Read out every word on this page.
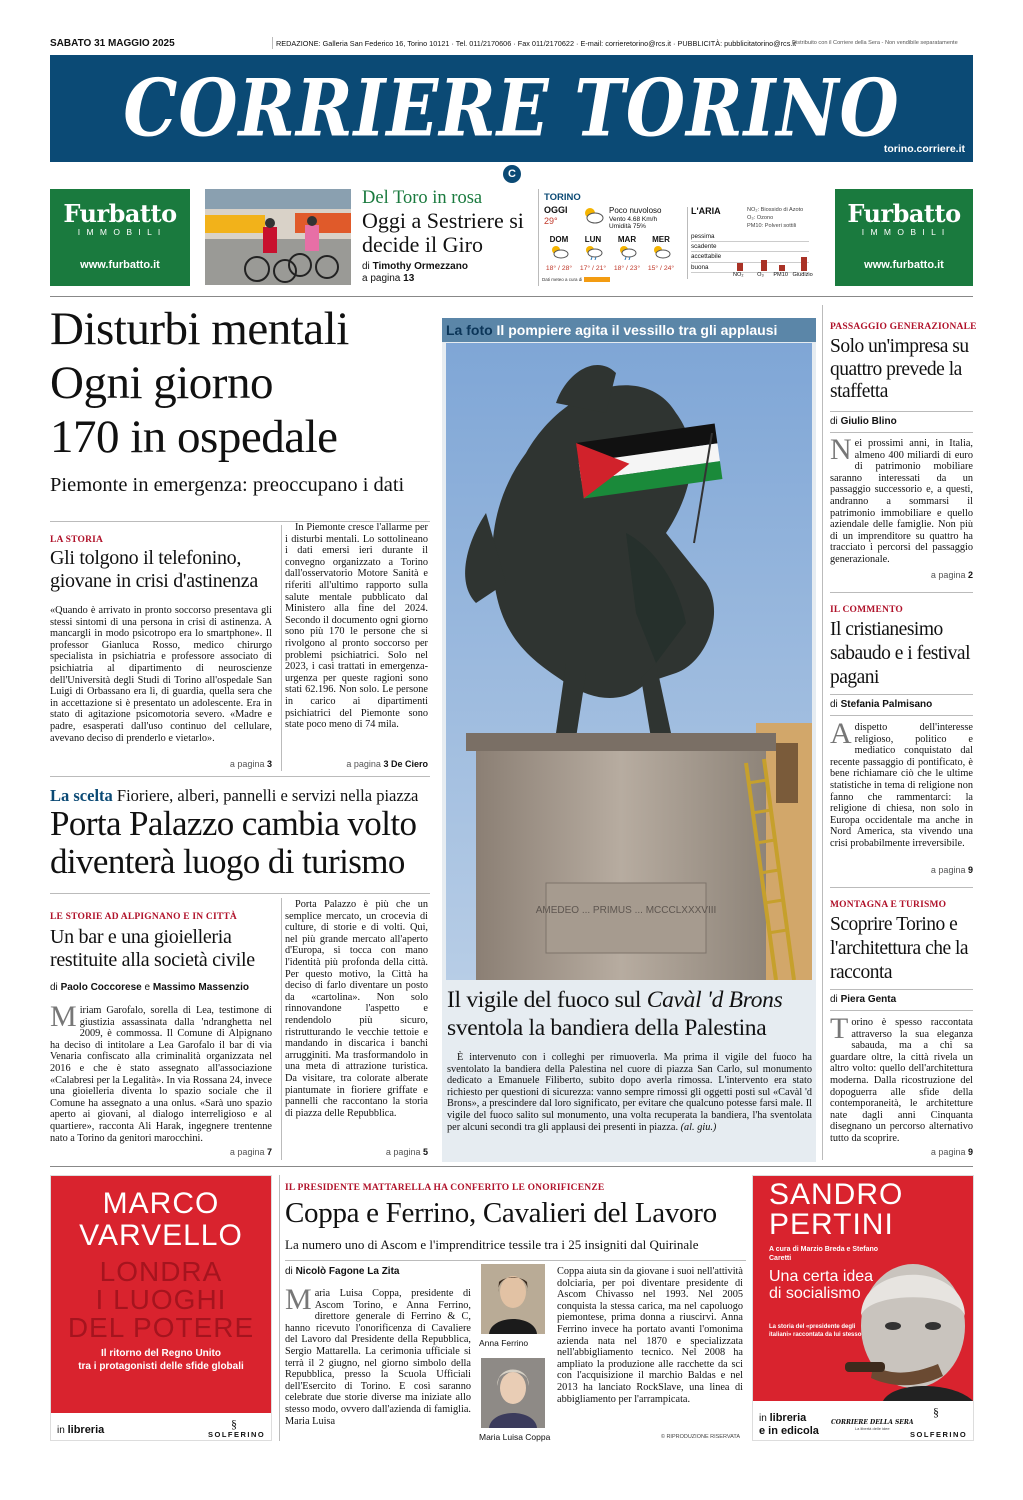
SABATO 31 MAGGIO 2025	REDAZIONE: Galleria San Federico 16, Torino 10121 · Tel. 011/2170606 · Fax 011/2170622 · E-mail: corrieretorino@rcs.it · PUBBLICITÀ: pubblicitatorino@rcs.it
Distribuito con il Corriere della Sera - Non vendibile separatamente
CORRIERE TORINO
torino.corriere.it
C
Furbatto
I M M O B I L I
www.furbatto.it
Del Toro in rosa
Oggi a Sestriere si decide il Giro
di Timothy Ormezzano
a pagina 13
TORINO
OGGI
29°
Poco nuvoloso
Vento 4.68 Km/h
Umidità 75%
DOM
18° / 28°
LUN
17° / 21°
MAR
18° / 23°
MER
15° / 24°
Dati meteo a cura di
L'ARIA	NO₂: Biossido di Azoto
O₃: Ozono
PM10: Polveri sottili
pessima
scadente
accettabile
buona
NO₂ O₃ PM10 Giudizio
Furbatto
I M M O B I L I
www.furbatto.it
Disturbi mentali
Ogni giorno
170 in ospedale
Piemonte in emergenza: preoccupano i dati
LA STORIA
Gli tolgono il telefonino, giovane in crisi d'astinenza
«Quando è arrivato in pronto soccorso presentava gli stessi sintomi di una persona in crisi di astinenza. A mancargli in modo psicotropo era lo smartphone». Il professor Gianluca Rosso, medico chirurgo specialista in psichiatria e professore associato di psichiatria al dipartimento di neuroscienze dell'Università degli Studi di Torino all'ospedale San Luigi di Orbassano era lì, di guardia, quella sera che in accettazione si è presentato un adolescente. Era in stato di agitazione psicomotoria severo. «Madre e padre, esasperati dall'uso continuo del cellulare, avevano deciso di prenderlo e vietarlo».
a pagina 3
In Piemonte cresce l'allarme per i disturbi mentali. Lo sottolineano i dati emersi ieri durante il convegno organizzato a Torino dall'osservatorio Motore Sanità e riferiti all'ultimo rapporto sulla salute mentale pubblicato dal Ministero alla fine del 2024. Secondo il documento ogni giorno sono più 170 le persone che si rivolgono al pronto soccorso per problemi psichiatrici. Solo nel 2023, i casi trattati in emergenza-urgenza per queste ragioni sono stati 62.196. Non solo. Le persone in carico ai dipartimenti psichiatrici del Piemonte sono state poco meno di 74 mila.
a pagina 3 De Ciero
La scelta Fioriere, alberi, pannelli e servizi nella piazza
Porta Palazzo cambia volto diventerà luogo di turismo
LE STORIE AD ALPIGNANO E IN CITTÀ
Un bar e una gioielleria restituite alla società civile
di Paolo Coccorese e Massimo Massenzio
Miriam Garofalo, sorella di Lea, testimone di giustizia assassinata dalla 'ndranghetta nel 2009, è commossa. Il Comune di Alpignano ha deciso di intitolare a Lea Garofalo il bar di via Venaria confiscato alla criminalità organizzata nel 2016 e che è stato assegnato all'associazione «Calabresi per la Legalità». In via Rossana 24, invece una gioielleria diventa lo spazio sociale che il Comune ha assegnato a una onlus. «Sarà uno spazio aperto ai giovani, al dialogo interreligioso e al quartiere», racconta Ali Harak, ingegnere trentenne nato a Torino da genitori marocchini.
a pagina 7
Porta Palazzo è più che un semplice mercato, un crocevia di culture, di storie e di volti. Qui, nel più grande mercato all'aperto d'Europa, si tocca con mano l'identità più profonda della città. Per questo motivo, la Città ha deciso di farlo diventare un posto da «cartolina». Non solo rinnovandone l'aspetto e rendendolo più sicuro, ristrutturando le vecchie tettoie e mandando in discarica i banchi arrugginiti. Ma trasformandolo in una meta di attrazione turistica. Da visitare, tra colorate alberate piantumate in fioriere griffate e pannelli che raccontano la storia di piazza delle Repubblica.
a pagina 5
La foto Il pompiere agita il vessillo tra gli applausi
AMEDEO ... PRIMUS ... MCCCLXXXVIII
Il vigile del fuoco sul Cavàl 'd Brons sventola la bandiera della Palestina
È intervenuto con i colleghi per rimuoverla. Ma prima il vigile del fuoco ha sventolato la bandiera della Palestina nel cuore di piazza San Carlo, sul monumento dedicato a Emanuele Filiberto, subito dopo averla rimossa. L'intervento era stato richiesto per questioni di sicurezza: vanno sempre rimossi gli oggetti posti sul «Cavàl 'd Brons», a prescindere dal loro significato, per evitare che qualcuno potesse farsi male. Il vigile del fuoco salito sul monumento, una volta recuperata la bandiera, l'ha sventolata per alcuni secondi tra gli applausi dei presenti in piazza. (al. giu.)
PASSAGGIO GENERAZIONALE
Solo un'impresa su quattro prevede la staffetta
di Giulio Blino
Nei prossimi anni, in Italia, almeno 400 miliardi di euro di patrimonio mobiliare saranno interessati da un passaggio successorio e, a questi, andranno a sommarsi il patrimonio immobiliare e quello aziendale delle famiglie. Non più di un imprenditore su quattro ha tracciato i percorsi del passaggio generazionale.
a pagina 2
IL COMMENTO
Il cristianesimo sabaudo e i festival pagani
di Stefania Palmisano
Adispetto dell'interesse religioso, politico e mediatico conquistato dal recente passaggio di pontificato, è bene richiamare ciò che le ultime statistiche in tema di religione non fanno che rammentarci: la religione di chiesa, non solo in Europa occidentale ma anche in Nord America, sta vivendo una crisi probabilmente irreversibile.
a pagina 9
MONTAGNA E TURISMO
Scoprire Torino e l'architettura che la racconta
di Piera Genta
Torino è spesso raccontata attraverso la sua eleganza sabauda, ma a chi sa guardare oltre, la città rivela un altro volto: quello dell'architettura moderna. Dalla ricostruzione del dopoguerra alle sfide della contemporaneità, le architetture nate dagli anni Cinquanta disegnano un percorso alternativo tutto da scoprire.
a pagina 9
MARCO
VARVELLO
LONDRA
I LUOGHI
DEL POTERE
Il ritorno del Regno Unito
tra i protagonisti delle sfide globali
in libreria	§
SOLFERINO
IL PRESIDENTE MATTARELLA HA CONFERITO LE ONORIFICENZE
Coppa e Ferrino, Cavalieri del Lavoro
La numero uno di Ascom e l'imprenditrice tessile tra i 25 insigniti dal Quirinale
di Nicolò Fagone La Zita
Maria Luisa Coppa, presidente di Ascom Torino, e Anna Ferrino, direttore generale di Ferrino & C, hanno ricevuto l'onorificenza di Cavaliere del Lavoro dal Presidente della Repubblica, Sergio Mattarella. La cerimonia ufficiale si terrà il 2 giugno, nel giorno simbolo della Repubblica, presso la Scuola Ufficiali dell'Esercito di Torino. E così saranno celebrate due storie diverse ma iniziate allo stesso modo, ovvero dall'azienda di famiglia. Maria Luisa
Anna Ferrino
Maria Luisa Coppa
Coppa aiuta sin da giovane i suoi nell'attività dolciaria, per poi diventare presidente di Ascom Chivasso nel 1993. Nel 2005 conquista la stessa carica, ma nel capoluogo piemontese, prima donna a riuscirvi. Anna Ferrino invece ha portato avanti l'omonima azienda nata nel 1870 e specializzata nell'abbigliamento tecnico. Nel 2008 ha ampliato la produzione alle racchette da sci con l'acquisizione il marchio Baldas e nel 2013 ha lanciato RockSlave, una linea di abbigliamento per l'arrampicata.
© RIPRODUZIONE RISERVATA
SANDRO
PERTINI
A cura di Marzio Breda e Stefano Caretti
Una certa idea di socialismo
La storia del «presidente degli italiani» raccontata da lui stesso
in libreria
e in edicola
CORRIERE DELLA SERA
La libertà delle idee
§
SOLFERINO
